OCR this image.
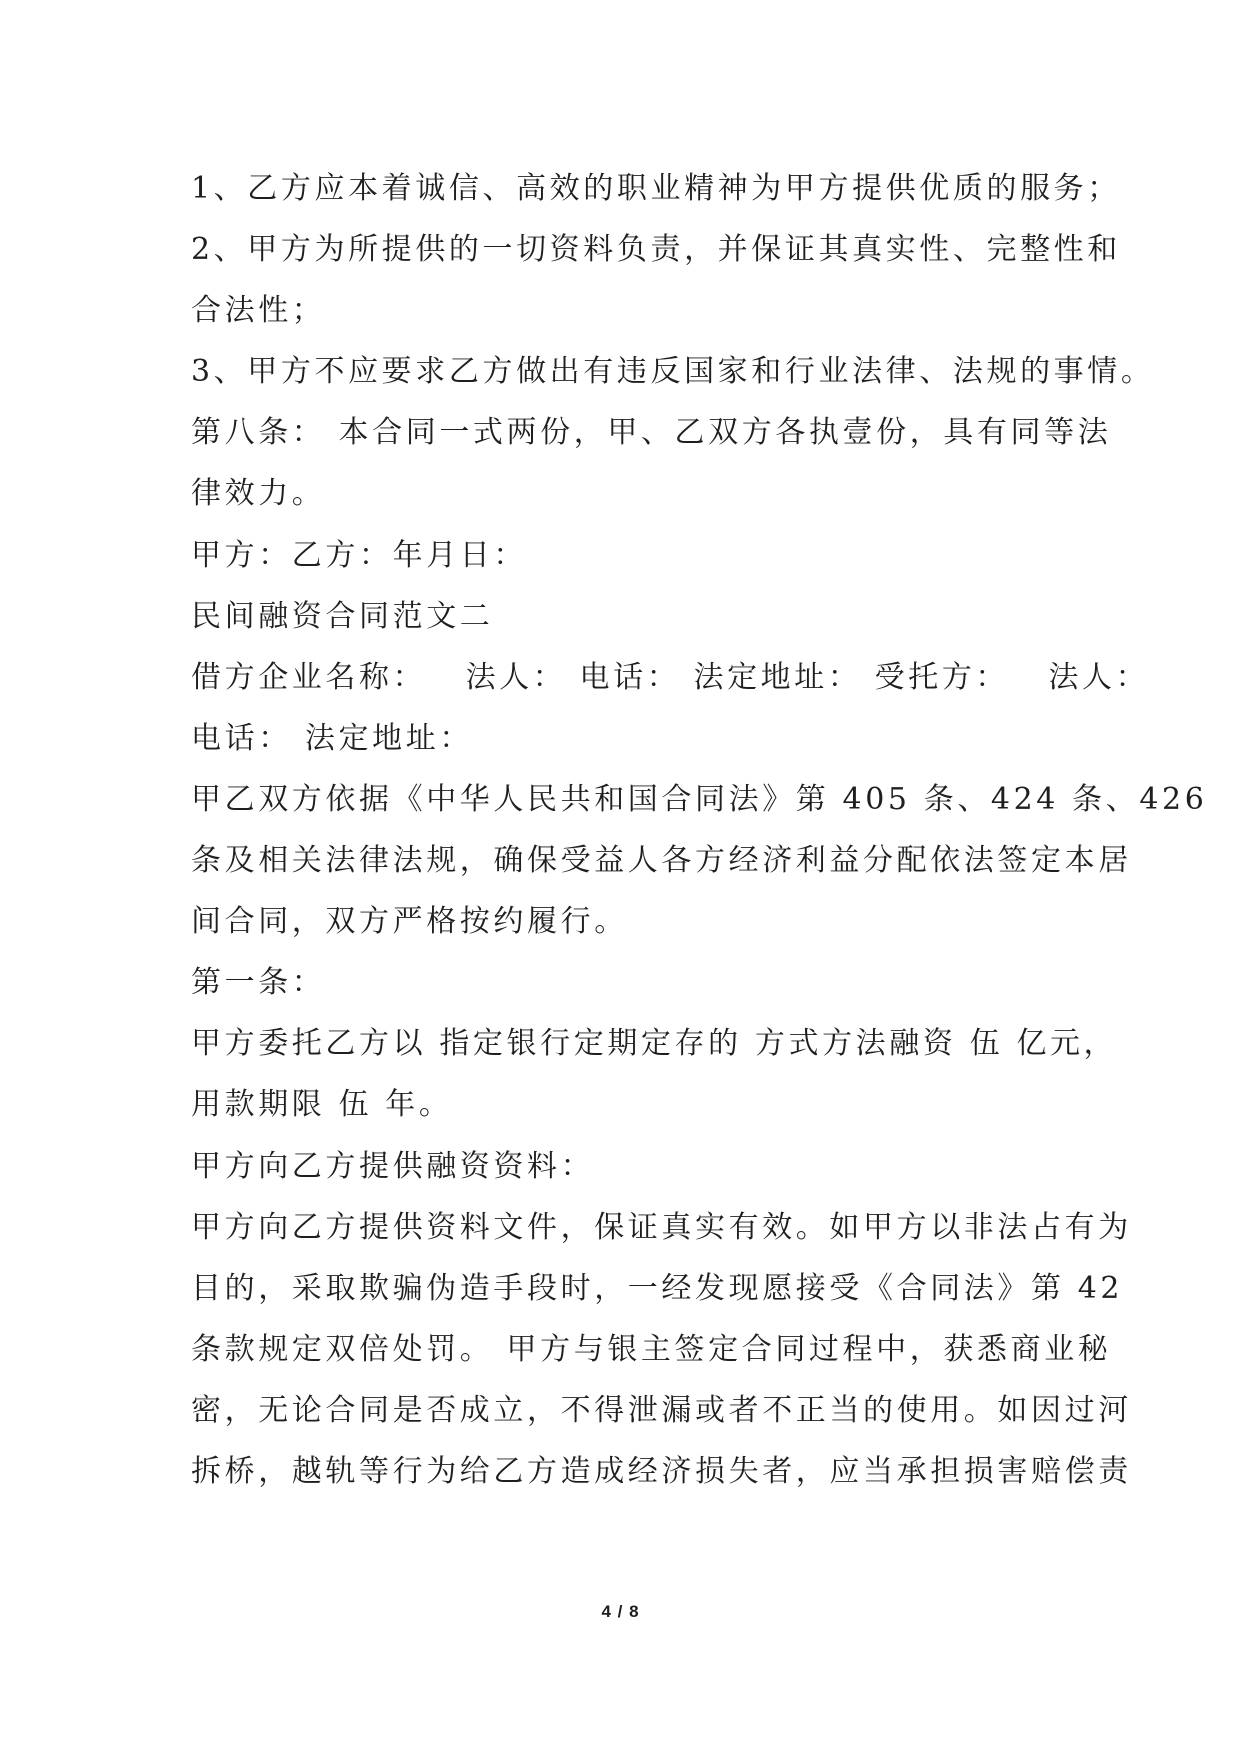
1、乙方应本着诚信、高效的职业精神为甲方提供优质的服务；
2、甲方为所提供的一切资料负责，并保证其真实性、完整性和
合法性；
3、甲方不应要求乙方做出有违反国家和行业法律、法规的事情。
第八条： 本合同一式两份，甲、乙双方各执壹份，具有同等法
律效力。
甲方：乙方：年月日：
民间融资合同范文二
借方企业名称：   法人： 电话： 法定地址： 受托方：   法人：
电话： 法定地址：
甲乙双方依据《中华人民共和国合同法》第 405 条、424 条、426
条及相关法律法规，确保受益人各方经济利益分配依法签定本居
间合同，双方严格按约履行。
第一条：
甲方委托乙方以 指定银行定期定存的 方式方法融资 伍 亿元，
用款期限 伍 年。
甲方向乙方提供融资资料：
甲方向乙方提供资料文件，保证真实有效。如甲方以非法占有为
目的，采取欺骗伪造手段时，一经发现愿接受《合同法》第 42
条款规定双倍处罚。 甲方与银主签定合同过程中，获悉商业秘
密，无论合同是否成立，不得泄漏或者不正当的使用。如因过河
拆桥，越轨等行为给乙方造成经济损失者，应当承担损害赔偿责
4 / 8
